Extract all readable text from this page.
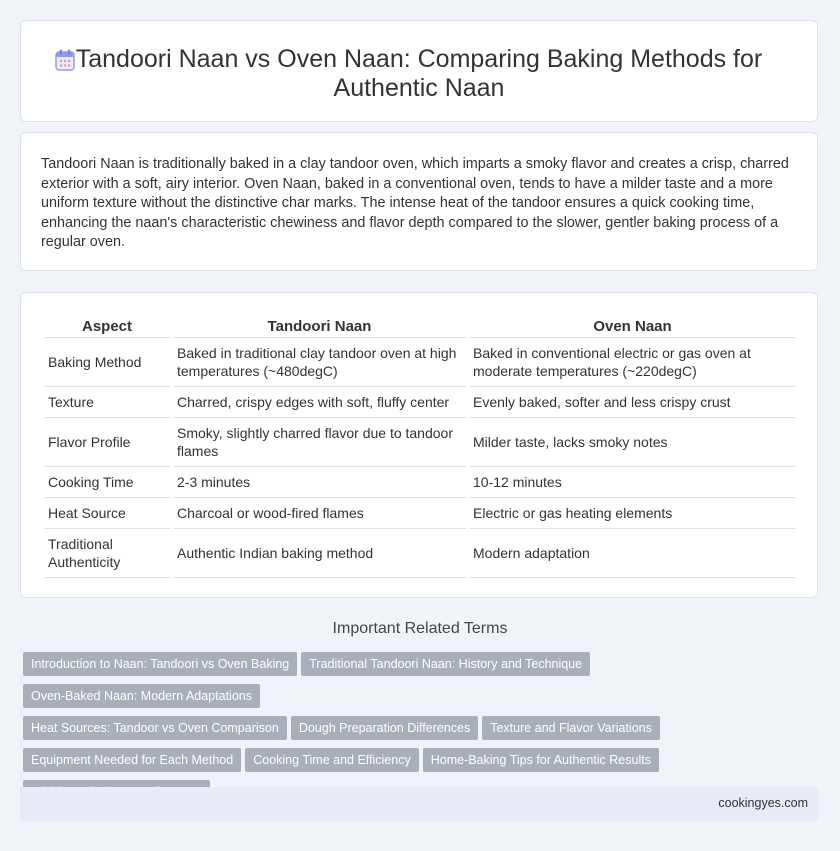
Tandoori Naan vs Oven Naan: Comparing Baking Methods for Authentic Naan

Tandoori Naan is traditionally baked in a clay tandoor oven, which imparts a smoky flavor and creates a crisp, charred exterior with a soft, airy interior. Oven Naan, baked in a conventional oven, tends to have a milder taste and a more uniform texture without the distinctive char marks. The intense heat of the tandoor ensures a quick cooking time, enhancing the naan's characteristic chewiness and flavor depth compared to the slower, gentler baking process of a regular oven.

Aspect	Tandoori Naan	Oven Naan
Baking Method	Baked in traditional clay tandoor oven at high temperatures (~480degC)	Baked in conventional electric or gas oven at moderate temperatures (~220degC)
Texture	Charred, crispy edges with soft, fluffy center	Evenly baked, softer and less crispy crust
Flavor Profile	Smoky, slightly charred flavor due to tandoor flames	Milder taste, lacks smoky notes
Cooking Time	2-3 minutes	10-12 minutes
Heat Source	Charcoal or wood-fired flames	Electric or gas heating elements
Traditional Authenticity	Authentic Indian baking method	Modern adaptation
Important Related Terms
Introduction to Naan: Tandoori vs Oven Baking Traditional Tandoori Naan: History and TechniqueOven-Baked Naan: Modern Adaptations
Heat Sources: Tandoor vs Oven Comparison Dough Preparation Differences Texture and Flavor Variations
Equipment Needed for Each Method Cooking Time and Efficiency Home-Baking Tips for Authentic Results

cookingyes.com
